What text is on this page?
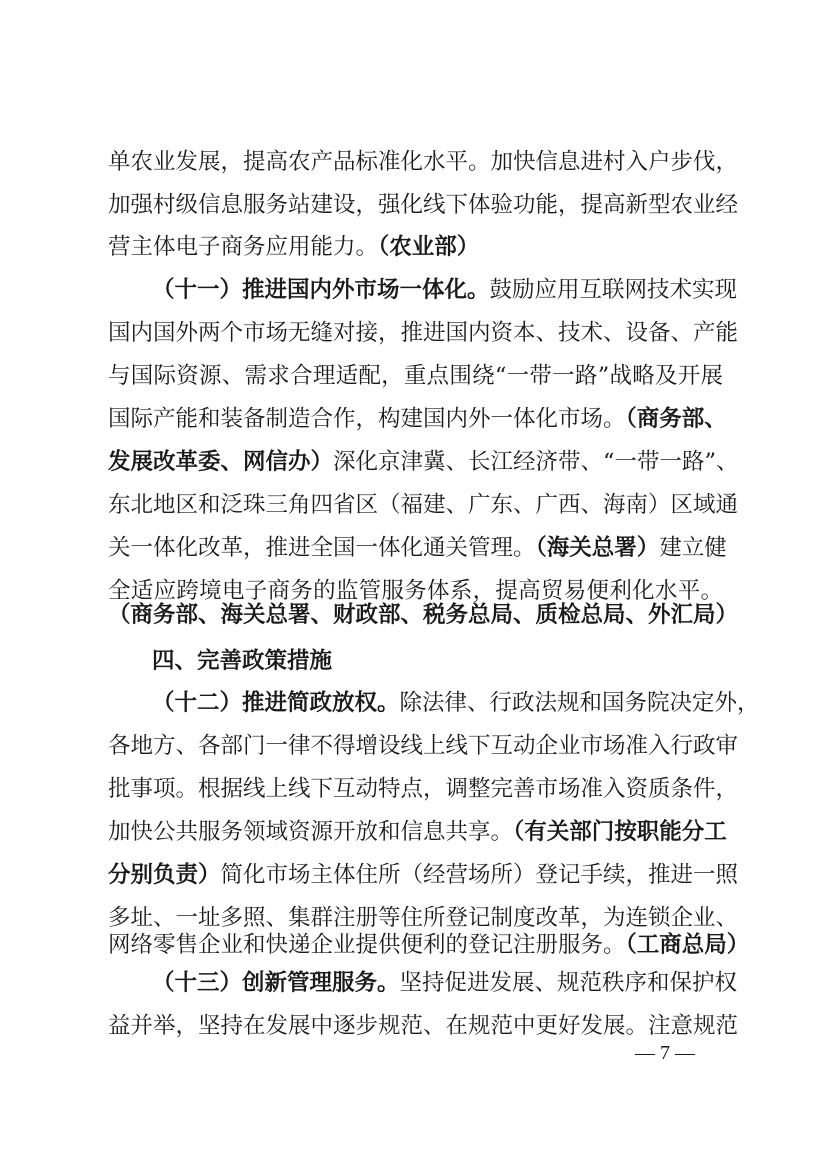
单农业发展，提高农产品标准化水平。加快信息进村入户步伐，
加强村级信息服务站建设，强化线下体验功能，提高新型农业经
营主体电子商务应用能力。（农业部）
（十一）推进国内外市场一体化。鼓励应用互联网技术实现
国内国外两个市场无缝对接，推进国内资本、技术、设备、产能
与国际资源、需求合理适配，重点围绕“一带一路”战略及开展
国际产能和装备制造合作，构建国内外一体化市场。（商务部、
发展改革委、网信办）深化京津冀、长江经济带、“一带一路”、
东北地区和泛珠三角四省区（福建、广东、广西、海南）区域通
关一体化改革，推进全国一体化通关管理。（海关总署）建立健
全适应跨境电子商务的监管服务体系，提高贸易便利化水平。
（商务部、海关总署、财政部、税务总局、质检总局、外汇局）
四、完善政策措施
（十二）推进简政放权。除法律、行政法规和国务院决定外，
各地方、各部门一律不得增设线上线下互动企业市场准入行政审
批事项。根据线上线下互动特点，调整完善市场准入资质条件，
加快公共服务领域资源开放和信息共享。（有关部门按职能分工
分别负责）简化市场主体住所（经营场所）登记手续，推进一照
多址、一址多照、集群注册等住所登记制度改革，为连锁企业、
网络零售企业和快递企业提供便利的登记注册服务。（工商总局）
（十三）创新管理服务。坚持促进发展、规范秩序和保护权
益并举，坚持在发展中逐步规范、在规范中更好发展。注意规范
— 7 —
